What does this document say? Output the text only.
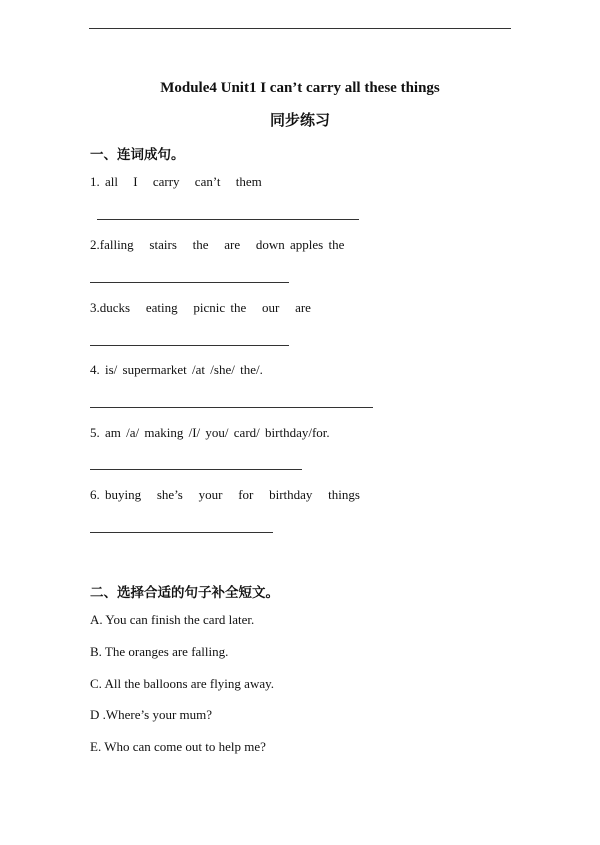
Module4 Unit1 I can’t carry all these things
同步练习
一、连词成句。
1. all I carry can’t them
2.falling   stairs   the   are   down apples the
3.ducks   eating   picnic the   our   are
4. is/ supermarket /at /she/ the/.
5. am /a/ making /I/ you/ card/ birthday/for.
6. buying   she’s   your   for   birthday   things
二、选择合适的句子补全短文。
A. You can finish the card later.
B. The oranges are falling.
C. All the balloons are flying away.
D .Where’s your mum?
E. Who can come out to help me?
